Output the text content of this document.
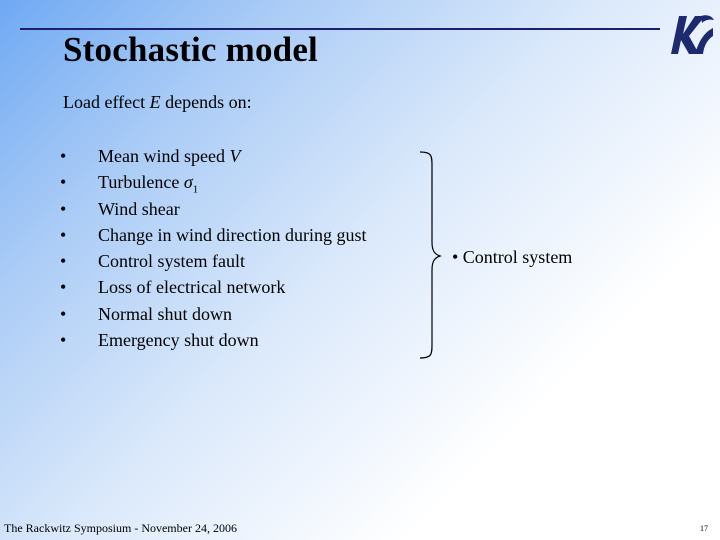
Stochastic model
Load effect E depends on:
• Mean wind speed V
• Turbulence $\sigma_1$
• Wind shear
• Change in wind direction during gust
• Control system fault
• Loss of electrical network
• Normal shut down
• Emergency shut down
• Control system
The Rackwitz Symposium - November 24, 2006	17
